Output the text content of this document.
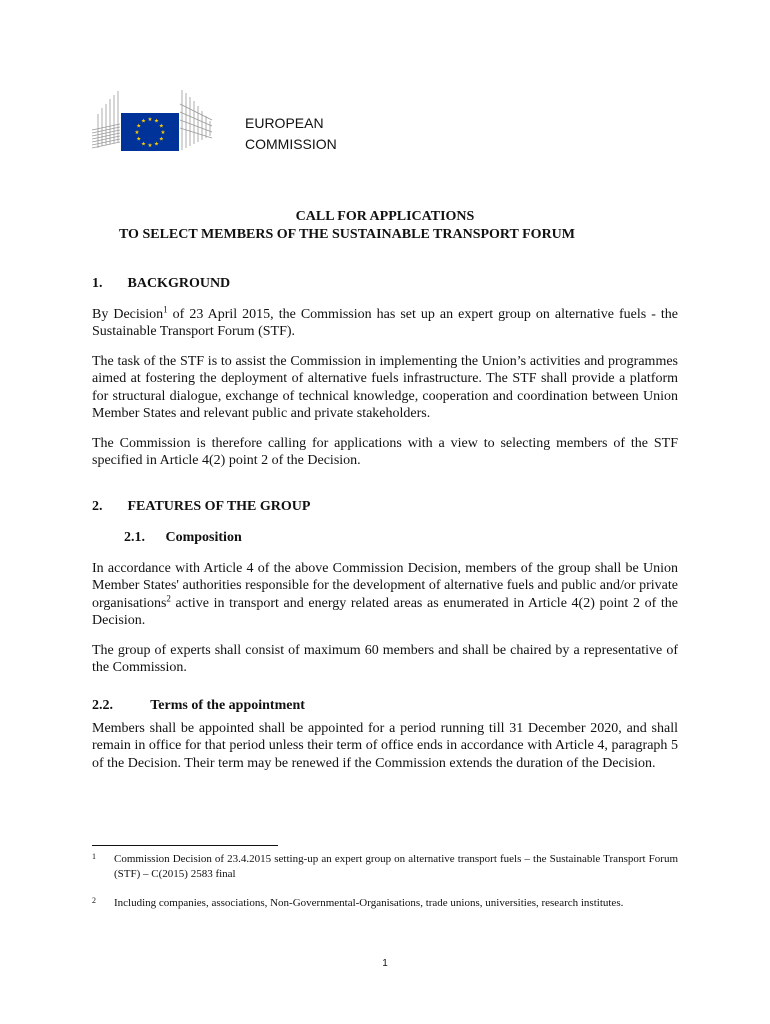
★ ★
★
★
★
★
★
★
★
★
★
★	EUROPEAN
COMMISSION
CALL FOR APPLICATIONS
TO SELECT MEMBERS OF THE SUSTAINABLE TRANSPORT FORUM
1. BACKGROUND

By Decision$^1$ of 23 April 2015, the Commission has set up an expert group on alternative fuels - the Sustainable Transport Forum (STF).

The task of the STF is to assist the Commission in implementing the Union’s activities and programmes aimed at fostering the deployment of alternative fuels infrastructure. The STF shall provide a platform for structural dialogue, exchange of technical knowledge, cooperation and coordination between Union Member States and relevant public and private stakeholders.

The Commission is therefore calling for applications with a view to selecting members of the STF specified in Article 4(2) point 2 of the Decision.

2. FEATURES OF THE GROUP
2.1. Composition

In accordance with Article 4 of the above Commission Decision, members of the group shall be Union Member States' authorities responsible for the development of alternative fuels and public and/or private organisations$^2$ active in transport and energy related areas as enumerated in Article 4(2) point 2 of the Decision.

The group of experts shall consist of maximum 60 members and shall be chaired by a representative of the Commission.

2.2.	Terms of the appointment

Members shall be appointed shall be appointed for a period running till 31 December 2020, and shall remain in office for that period unless their term of office ends in accordance with Article 4, paragraph 5 of the Decision. Their term may be renewed if the Commission extends the duration of the Decision.

1 Commission Decision of 23.4.2015 setting-up an expert group on alternative transport fuels – the Sustainable Transport Forum (STF) – C(2015) 2583 final
2 Including companies, associations, Non-Governmental-Organisations, trade unions, universities, research institutes.
1
